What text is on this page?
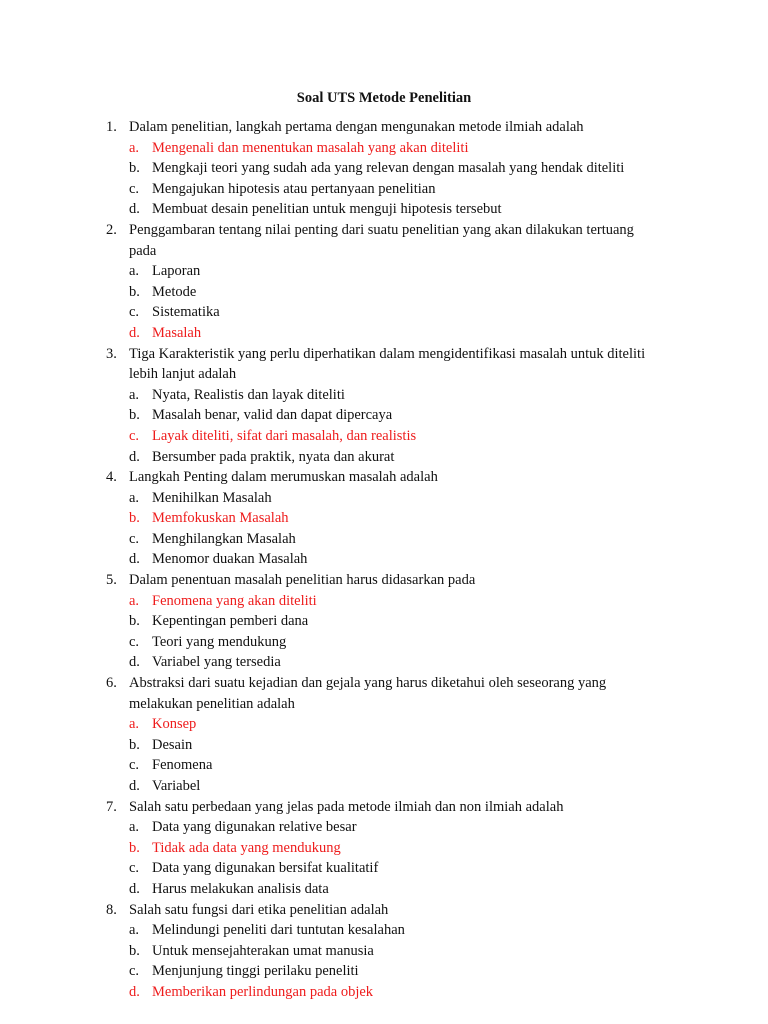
Soal UTS Metode Penelitian
1. Dalam penelitian, langkah pertama dengan mengunakan metode ilmiah adalah
a. Mengenali dan menentukan masalah yang akan diteliti
b. Mengkaji teori yang sudah ada yang relevan dengan masalah yang hendak diteliti
c. Mengajukan hipotesis atau pertanyaan penelitian
d. Membuat desain penelitian untuk menguji hipotesis tersebut
2. Penggambaran tentang nilai penting dari suatu penelitian yang akan dilakukan tertuang pada
a. Laporan
b. Metode
c. Sistematika
d. Masalah
3. Tiga Karakteristik yang perlu diperhatikan dalam mengidentifikasi masalah untuk diteliti lebih lanjut adalah
a. Nyata, Realistis dan layak diteliti
b. Masalah benar, valid dan dapat dipercaya
c. Layak diteliti, sifat dari masalah, dan realistis
d. Bersumber pada praktik, nyata dan akurat
4. Langkah Penting dalam merumuskan masalah adalah
a. Menihilkan Masalah
b. Memfokuskan Masalah
c. Menghilangkan Masalah
d. Menomor duakan Masalah
5. Dalam penentuan masalah penelitian harus didasarkan pada
a. Fenomena yang akan diteliti
b. Kepentingan pemberi dana
c. Teori yang mendukung
d. Variabel yang tersedia
6. Abstraksi dari suatu kejadian dan gejala yang harus diketahui oleh seseorang yang melakukan penelitian adalah
a. Konsep
b. Desain
c. Fenomena
d. Variabel
7. Salah satu perbedaan yang jelas pada metode ilmiah dan non ilmiah adalah
a. Data yang digunakan relative besar
b. Tidak ada data yang mendukung
c. Data yang digunakan bersifat kualitatif
d. Harus melakukan analisis data
8. Salah satu fungsi dari etika penelitian adalah
a. Melindungi peneliti dari tuntutan kesalahan
b. Untuk mensejahterakan umat manusia
c. Menjunjung tinggi perilaku peneliti
d. Memberikan perlindungan pada objek
